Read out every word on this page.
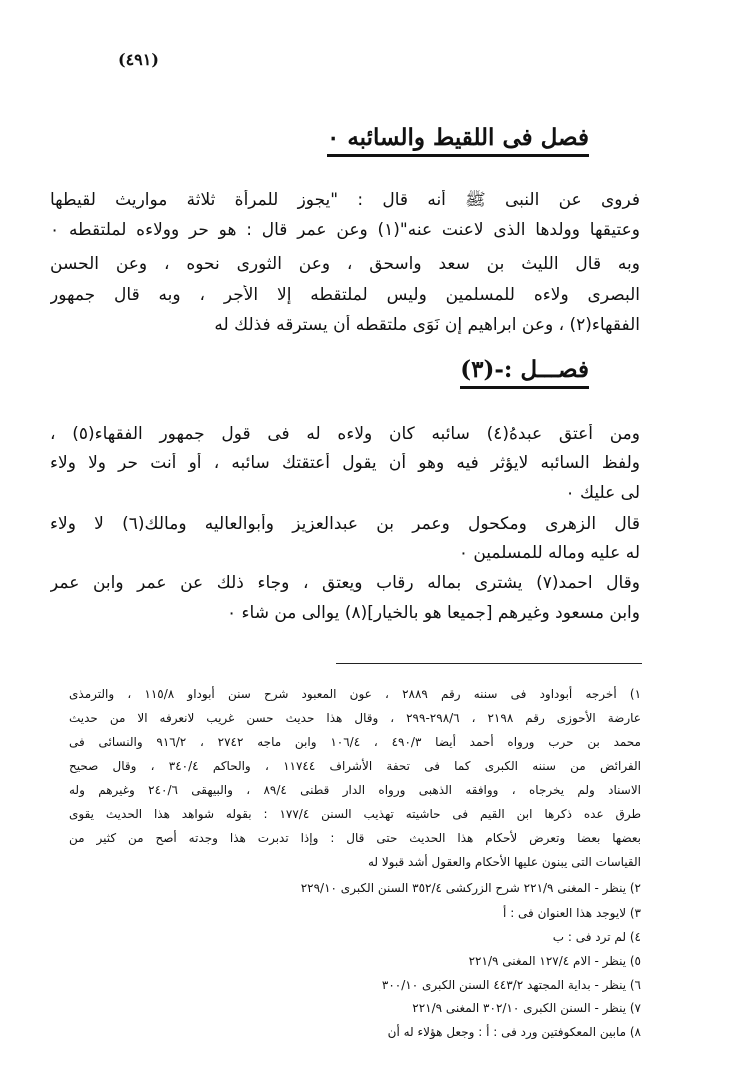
(٤٩١)
فصل فى اللقيط والسائبه ٠
فروى عن النبى ﷺ أنه قال : "يجوز للمرأة ثلاثة مواريث لقيطها
وعتيقها وولدها الذى لاعنت عنه"(١) وعن عمر قال : هو حر وولاءه لملتقطه ٠
وبه قال الليث بن سعد واسحق ، وعن الثورى نحوه ، وعن الحسن
البصرى ولاءه للمسلمين وليس لملتقطه إلا الأجر ، وبه قال جمهور
الفقهاء(٢) ، وعن ابراهيم إن نَوَى ملتقطه أن يسترقه فذلك له
فصـــل :-(٣)
ومن أعتق عبدهُ(٤) سائبه كان ولاءه له فى قول جمهور الفقهاء(٥) ،
ولفظ السائبه لايؤثر فيه وهو أن يقول أعتقتك سائبه ، أو أنت حر ولا ولاء
لى عليك ٠
قال الزهرى ومكحول وعمر بن عبدالعزيز وأبوالعاليه ومالك(٦) لا ولاء
له عليه وماله للمسلمين ٠
وقال احمد(٧) يشترى بماله رقاب ويعتق ، وجاء ذلك عن عمر وابن عمر
وابن مسعود وغيرهم [جميعا هو بالخيار](٨) يوالى من شاء ٠
١) أخرجه أبوداود فى سننه رقم ٢٨٨٩ ، عون المعبود شرح سنن أبوداو ١١٥/٨ ، والترمذى
عارضة الأحوزى رقم ٢١٩٨ ، ٢٩٨/٦-٢٩٩ ، وقال هذا حديث حسن غريب لانعرفه الا من حديث
محمد بن حرب ورواه أحمد أيضا ٤٩٠/٣ ، ١٠٦/٤ وابن ماجه ٢٧٤٢ ، ٩١٦/٢ والنسائى فى
الفرائض من سننه الكبرى كما فى تحفة الأشراف ١١٧٤٤ ، والحاكم ٣٤٠/٤ ، وقال صحيح
الاسناد ولم يخرجاه ، ووافقه الذهبى ورواه الدار قطنى ٨٩/٤ ، والبيهقى ٢٤٠/٦ وغيرهم وله
طرق عده ذكرها ابن القيم فى حاشيته تهذيب السنن ١٧٧/٤ : بقوله شواهد هذا الحديث يقوى
بعضها بعضا وتعرض لأحكام هذا الحديث حتى قال : وإذا تدبرت هذا وجدته أصح من كثير من
القياسات التى يبنون عليها الأحكام والعقول أشد قبولا له
٢) ينظر - المغنى ٢٢١/٩ شرح الزركشى ٣٥٢/٤ السنن الكبرى ٢٢٩/١٠
٣) لايوجد هذا العنوان فى : أ
٤) لم ترد فى : ب
٥) ينظر - الام ١٢٧/٤ المغنى ٢٢١/٩
٦) ينظر - بداية المجتهد ٤٤٣/٢ السنن الكبرى ٣٠٠/١٠
٧) ينظر - السنن الكبرى ٣٠٢/١٠ المغنى ٢٢١/٩
٨) مابين المعكوفتين ورد فى : أ : وجعل هؤلاء له أن
